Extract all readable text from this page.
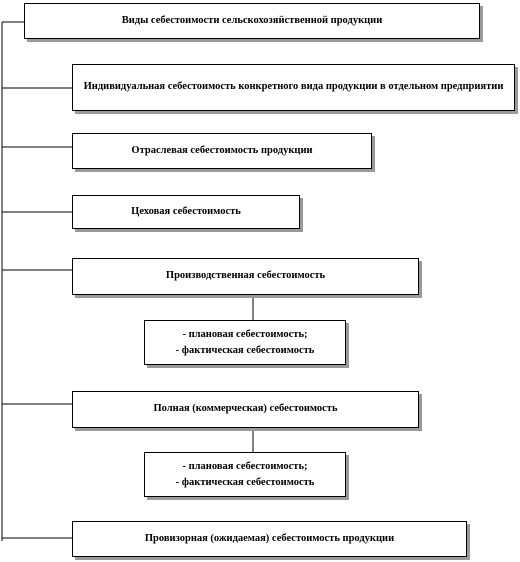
Виды себестоимости сельскохозяйственной продукции
Индивидуальная себестоимость конкретного вида продукции в отдельном предприятии
Отраслевая себестоимость продукции
Цеховая себестоимость
Производственная себестоимость
- плановая себестоимость;
- фактическая себестоимость
Полная (коммерческая) себестоимость
- плановая себестоимость;
- фактическая себестоимость
Провизорная (ожидаемая) себестоимость продукции
